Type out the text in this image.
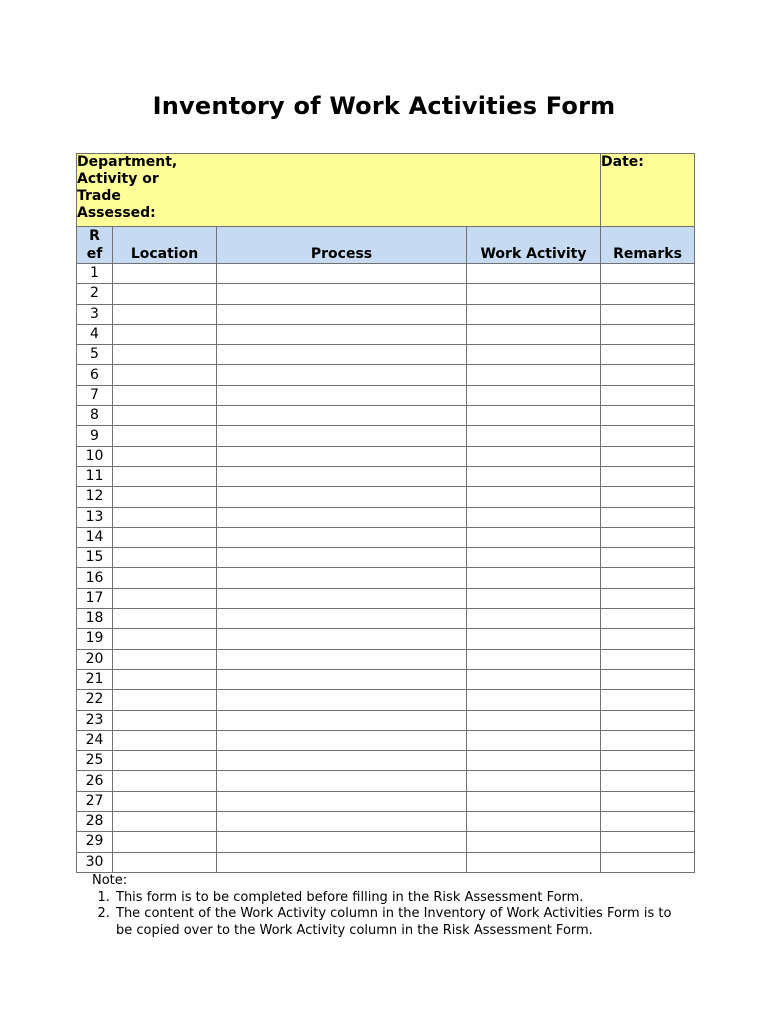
Inventory of Work Activities Form
Department,
Activity or
Trade
Assessed:				Date:

R
ef	Location	Process	Work Activity	Remarks
1				
2				
3				
4				
5				
6				
7				
8				
9				
10				
11				
12				
13				
14				
15				
16				
17				
18				
19				
20				
21				
22				
23				
24				
25				
26				
27				
28				
29				
30				
Note:
1. This form is to be completed before filling in the Risk Assessment Form.
2. The content of the Work Activity column in the Inventory of Work Activities Form is to be copied over to the Work Activity column in the Risk Assessment Form.
